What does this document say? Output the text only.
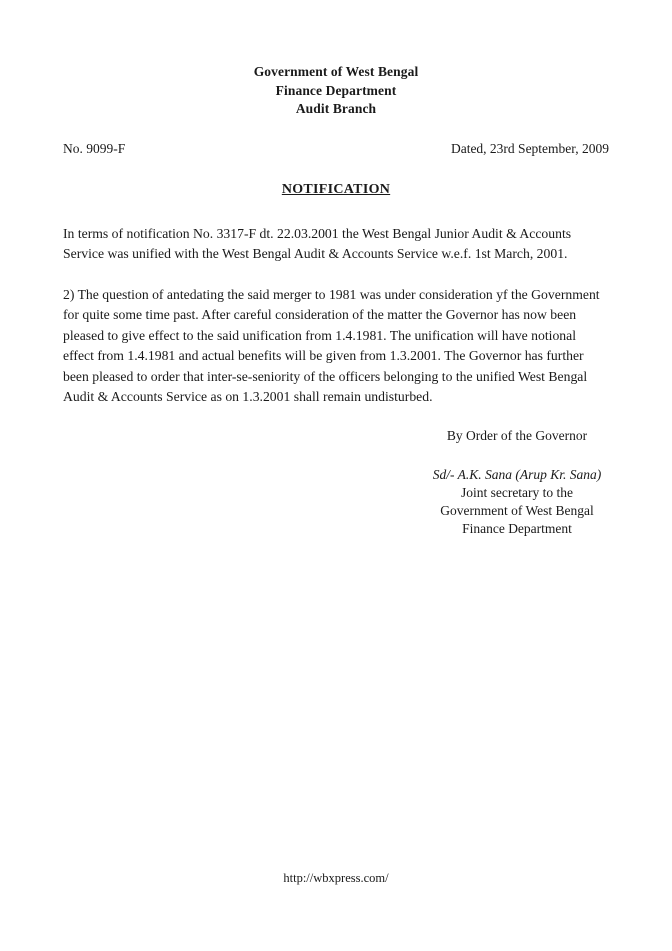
Government of West Bengal
Finance Department
Audit Branch
No. 9099-F	Dated, 23rd September, 2009
NOTIFICATION
In terms of notification No. 3317-F dt. 22.03.2001 the West Bengal Junior Audit & Accounts Service was unified with the West Bengal Audit & Accounts Service w.e.f. 1st March, 2001.
2) The question of antedating the said merger to 1981 was under consideration yf the Government for quite some time past. After careful consideration of the matter the Governor has now been pleased to give effect to the said unification from 1.4.1981. The unification will have notional effect from 1.4.1981 and actual benefits will be given from 1.3.2001. The Governor has further been pleased to order that inter-se-seniority of the officers belonging to the unified West Bengal Audit & Accounts Service as on 1.3.2001 shall remain undisturbed.
By Order of the Governor
Sd/- A.K. Sana (Arup Kr. Sana)
Joint secretary to the
Government of West Bengal
Finance Department
http://wbxpress.com/
